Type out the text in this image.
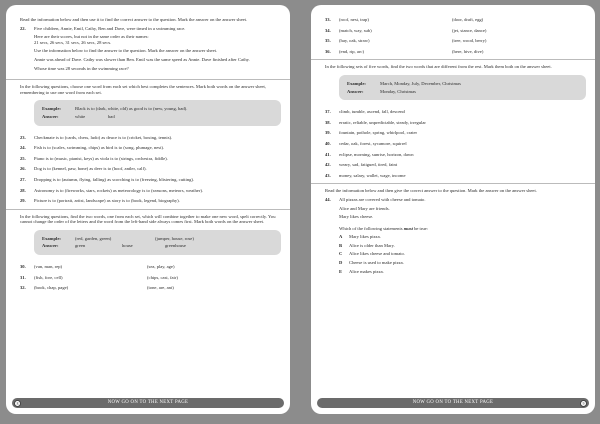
Read the information below and then use it to find the correct answer to the question. Mark the answer on the answer sheet.
22.	Five children, Annie, Emil, Cathy, Ben and Dave, were timed in a swimming race.

Here are their scores, but not in the same order as their names:

21 secs, 26 secs, 31 secs, 26 secs, 28 secs.

Use the information below to find the answer to the question. Mark the answer on the answer sheet.

Annie was ahead of Dave. Cathy was slower than Ben. Emil was the same speed as Annie. Dave finished after Cathy.

Whose time was 28 seconds in the swimming race?

In the following questions, choose one word from each set which best completes the sentences. Mark both words on the answer sheet, remembering to use one word from each set.
Example:	Black is to (dark, white, old) as good is to (new, young, bad).
Answer:	white	bad
23.	Checkmate is to (cards, chess, ludo) as deuce is to (cricket, boxing, tennis).
24.	Fish is to (scales, swimming, chips) as bird is to (song, plumage, nest).
25.	Piano is to (music, pianist, keys) as viola is to (strings, orchestra, fiddle).
26.	Dog is to (kennel, paw, bone) as deer is to (hoof, antler, calf).
27.	Dropping is to (autumn, flying, falling) as scorching is to (freezing, blistering, cutting).
28.	Astronomy is to (fireworks, stars, rockets) as meteorology is to (seasons, meteors, weather).
29.	Picture is to (portrait, artist, landscape) as story is to (book, legend, biography).
In the following questions, find the two words, one from each set, which will combine together to make one new word, spelt correctly. You cannot change the order of the letters and the word from the left-hand side always comes first. Mark both words on the answer sheet.
Example:	(red, garden, green)	(jumper, house, rose)
Answer:	green	house	greenhouse
30.	(van, man, rep)	(sea, play, age)
31.	(fish, fore, cell)	(chips, cast, fair)
32.	(book, chap, page)	(tone, are, ant)
8	NOW GO ON TO THE NEXT PAGE
33.	(roof, nest, trap)	(door, draft, egg)
34.	(match, way, sub)	(jet, stance, dance)
35.	(hay, oak, straw)	(tree, wood, berry)
36.	(end, rip, arc)	(here, hive, dive)
In the following sets of five words, find the two words that are different from the rest. Mark them both on the answer sheet.
Example:	March, Monday, July, December, Christmas
Answer:	Monday, Christmas
37.	climb, tumble, ascend, fall, descend
38.	erratic, reliable, unpredictable, steady, irregular
39.	fountain, pothole, spring, whirlpool, crater
40.	cedar, oak, forest, sycamore, squirrel
41.	eclipse, morning, sunrise, horizon, dawn
42.	weary, sad, fatigued, tired, faint
43.	money, salary, wallet, wage, income
Read the information below and then give the correct answer to the question. Mark the answer on the answer sheet.
44.	All pizzas are covered with cheese and tomato.

Alice and Mary are friends.

Mary likes cheese.

Which of the following statements must be true:

A	Mary likes pizza.
B	Alice is older than Mary.
C	Alice likes cheese and tomato.
D	Cheese is used to make pizza.
E	Alice makes pizza.
NOW GO ON TO THE NEXT PAGE	9
